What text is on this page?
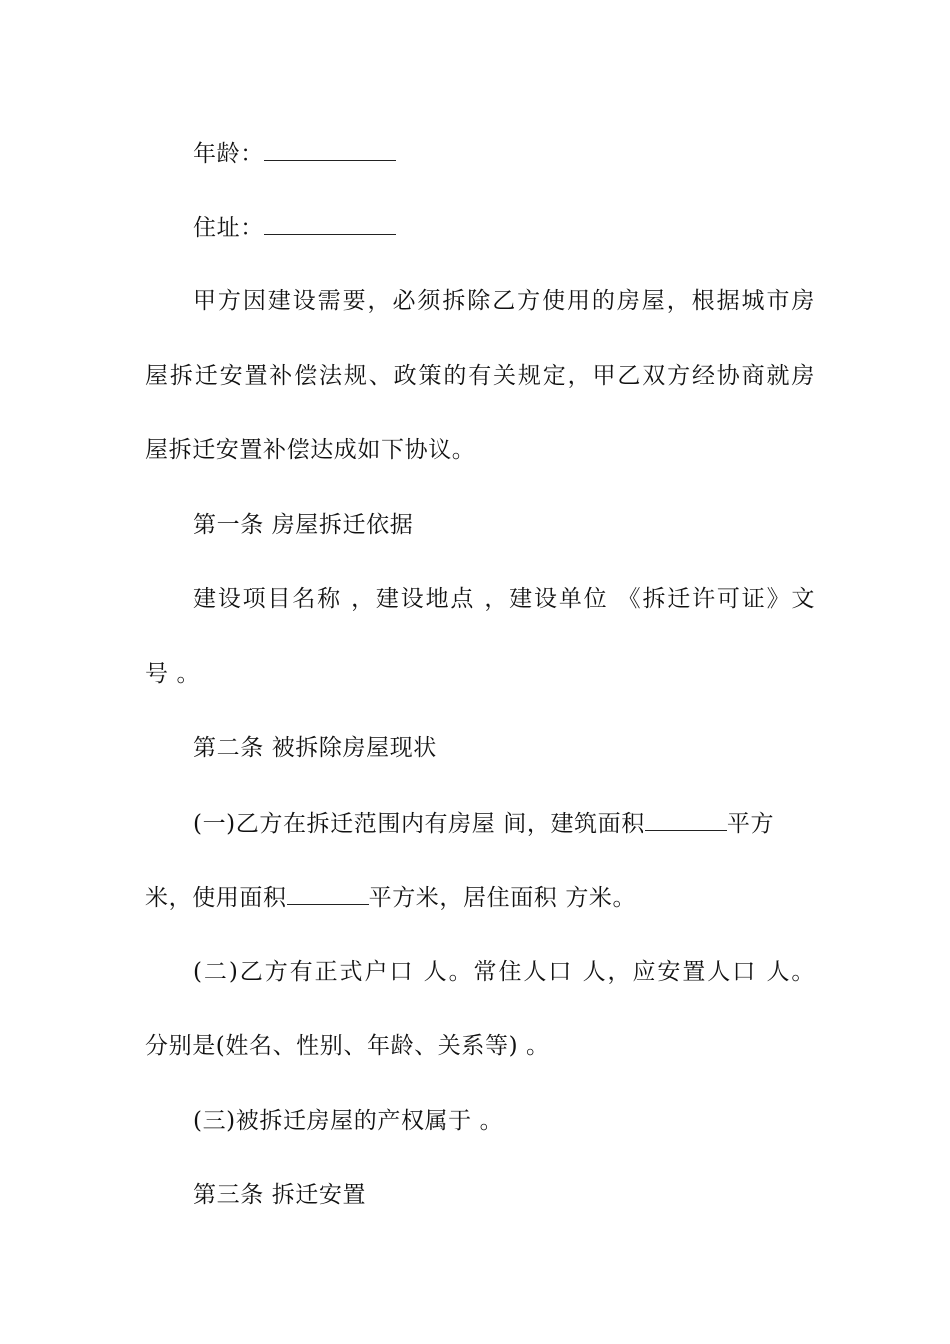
年龄：
住址：
甲方因建设需要，必须拆除乙方使用的房屋，根据城市房
屋拆迁安置补偿法规、政策的有关规定，甲乙双方经协商就房
屋拆迁安置补偿达成如下协议。
第一条 房屋拆迁依据
建设项目名称 ，建设地点 ，建设单位 《拆迁许可证》文
号 。
第二条 被拆除房屋现状
(一)乙方在拆迁范围内有房屋 间，建筑面积	平方
米，使用面积	平方米，居住面积 方米。
(二)乙方有正式户口 人。常住人口 人，应安置人口 人。
分别是(姓名、性别、年龄、关系等) 。
(三)被拆迁房屋的产权属于 。
第三条 拆迁安置
